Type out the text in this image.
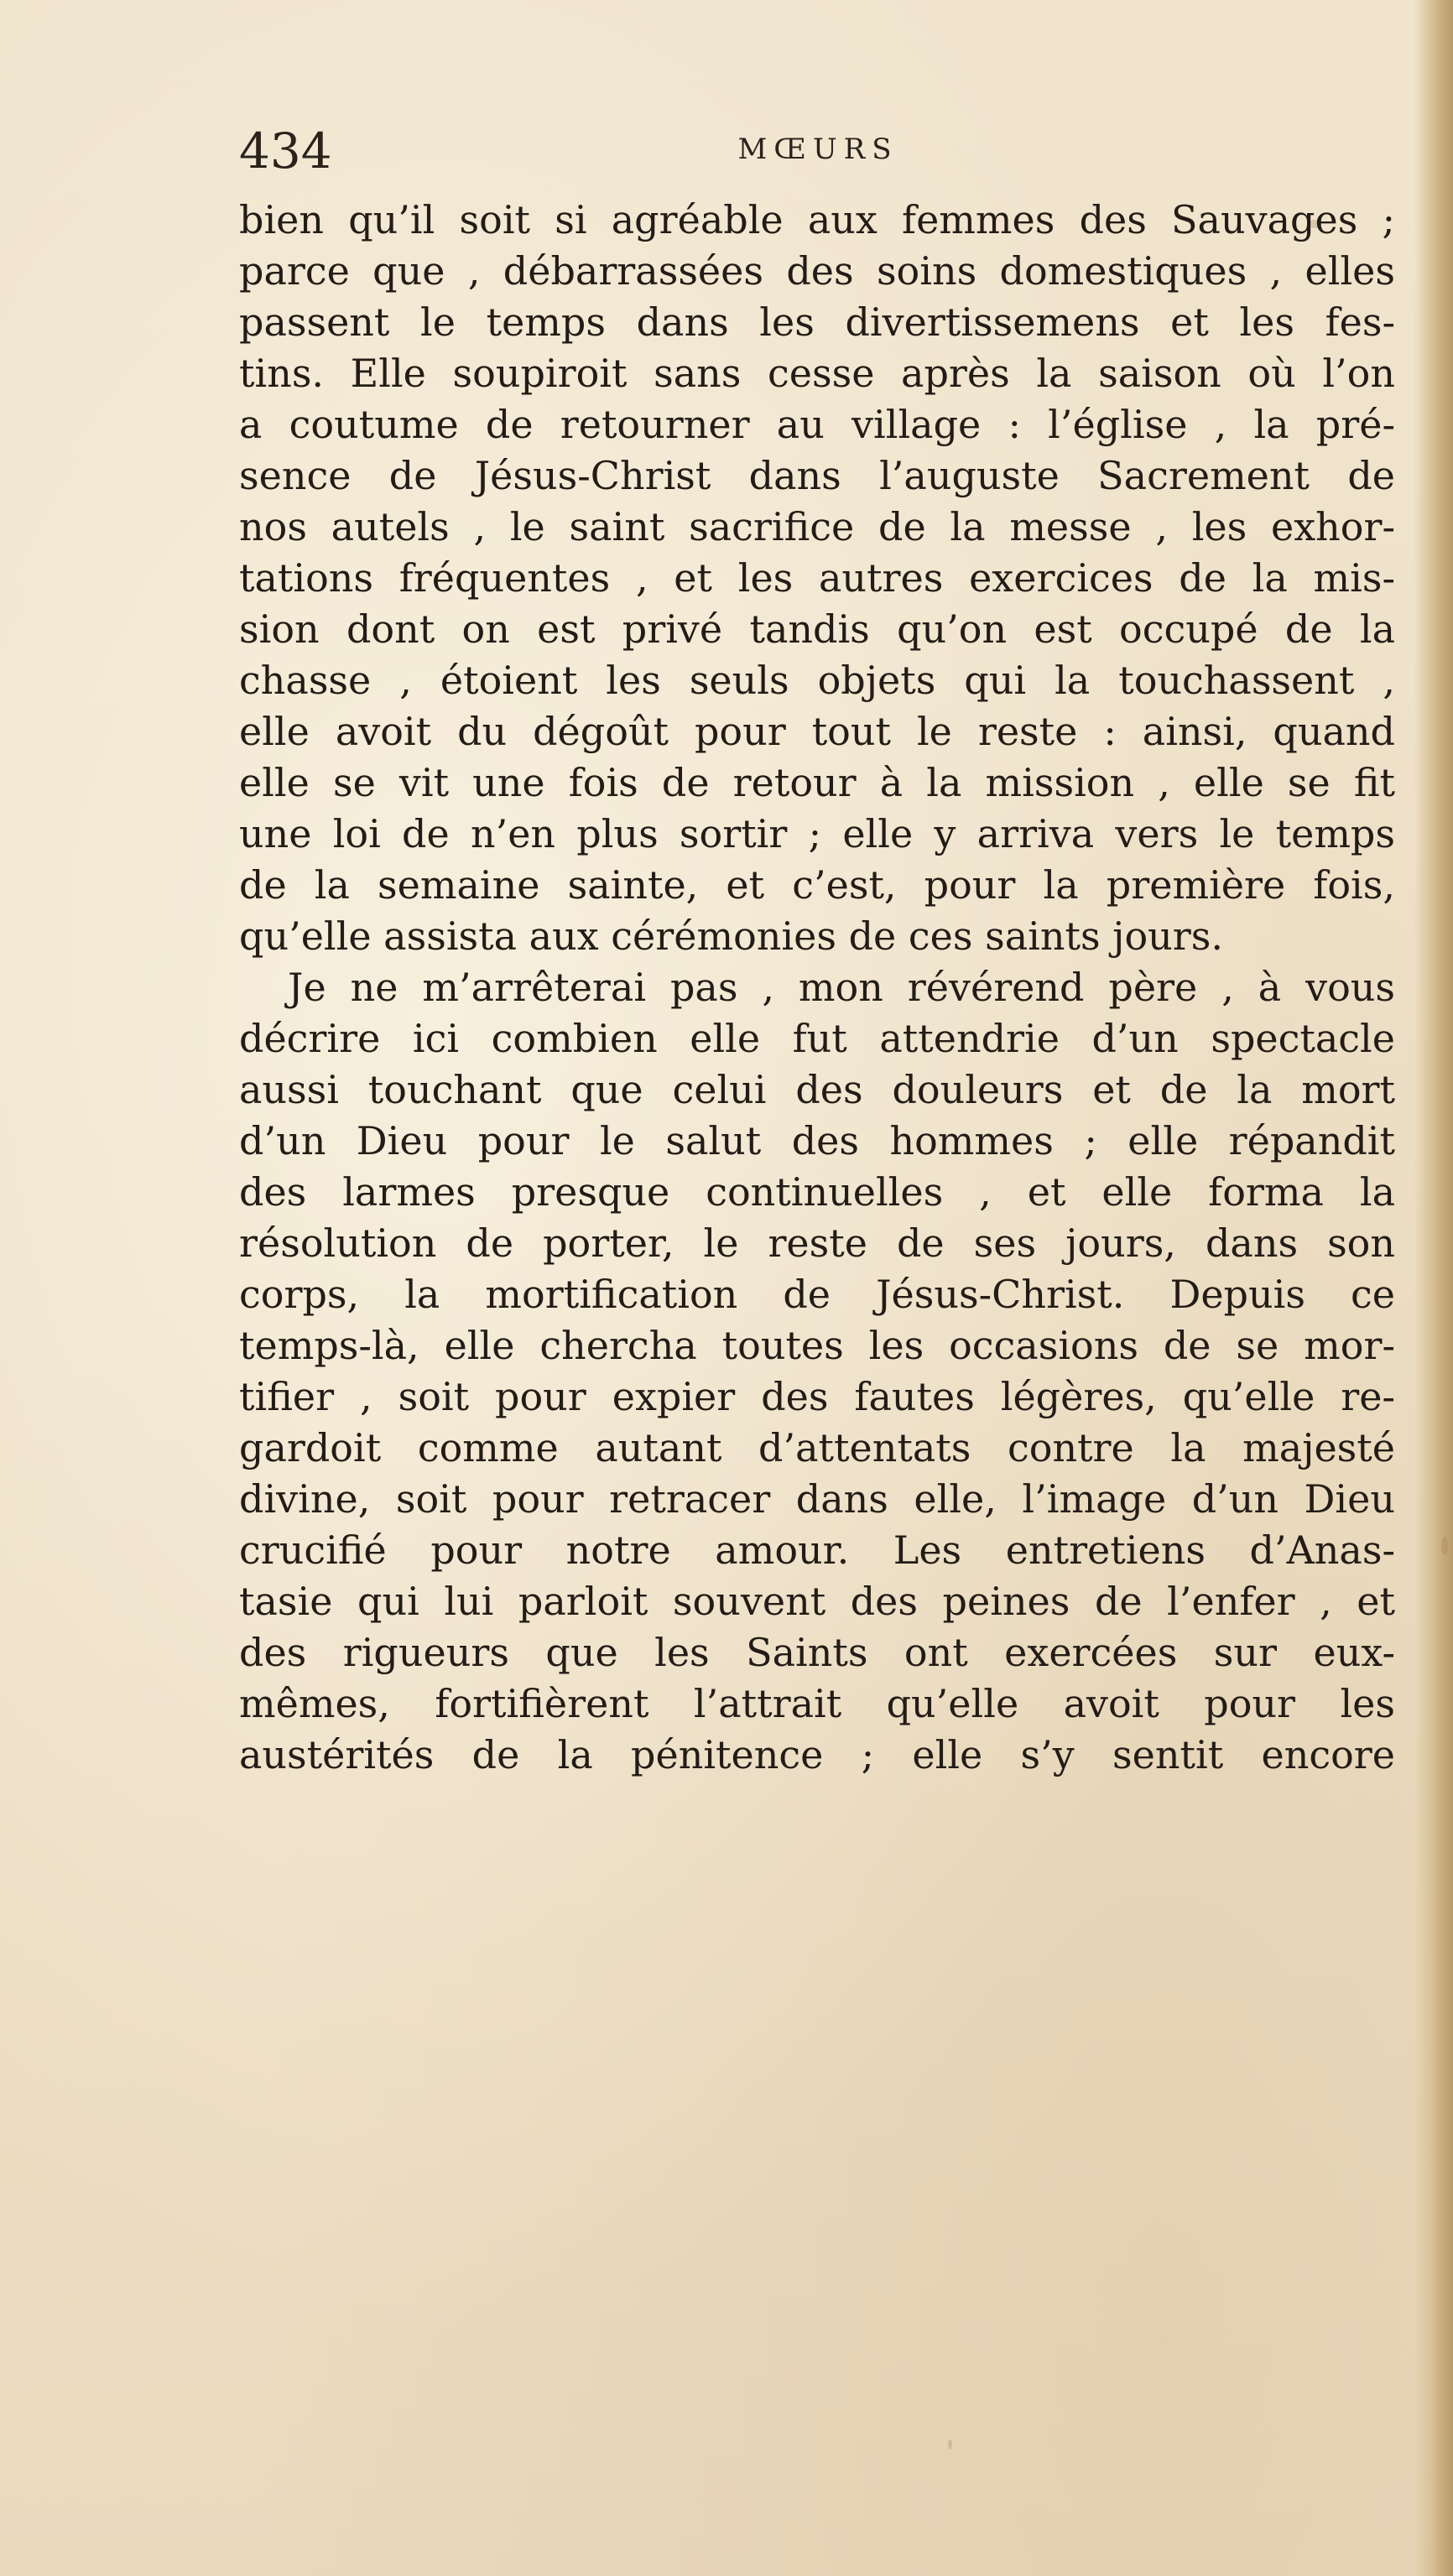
434	MŒURS
bien qu’il soit si agréable aux femmes des Sauvages ;
parce que , débarrassées des soins domestiques , elles
passent le temps dans les divertissemens et les fes-
tins. Elle soupiroit sans cesse après la saison où l’on
a coutume de retourner au village : l’église , la pré-
sence de Jésus-Christ dans l’auguste Sacrement de
nos autels , le saint sacrifice de la messe , les exhor-
tations fréquentes , et les autres exercices de la mis-
sion dont on est privé tandis qu’on est occupé de la
chasse , étoient les seuls objets qui la touchassent ,
elle avoit du dégoût pour tout le reste : ainsi, quand
elle se vit une fois de retour à la mission , elle se fit
une loi de n’en plus sortir ; elle y arriva vers le temps
de la semaine sainte, et c’est, pour la première fois,
qu’elle assista aux cérémonies de ces saints jours.
Je ne m’arrêterai pas , mon révérend père , à vous
décrire ici combien elle fut attendrie d’un spectacle
aussi touchant que celui des douleurs et de la mort
d’un Dieu pour le salut des hommes ; elle répandit
des larmes presque continuelles , et elle forma la
résolution de porter, le reste de ses jours, dans son
corps, la mortification de Jésus-Christ. Depuis ce
temps-là, elle chercha toutes les occasions de se mor-
tifier , soit pour expier des fautes légères, qu’elle re-
gardoit comme autant d’attentats contre la majesté
divine, soit pour retracer dans elle, l’image d’un Dieu
crucifié pour notre amour. Les entretiens d’Anas-
tasie qui lui parloit souvent des peines de l’enfer , et
des rigueurs que les Saints ont exercées sur eux-
mêmes, fortifièrent l’attrait qu’elle avoit pour les
austérités de la pénitence ; elle s’y sentit encore
